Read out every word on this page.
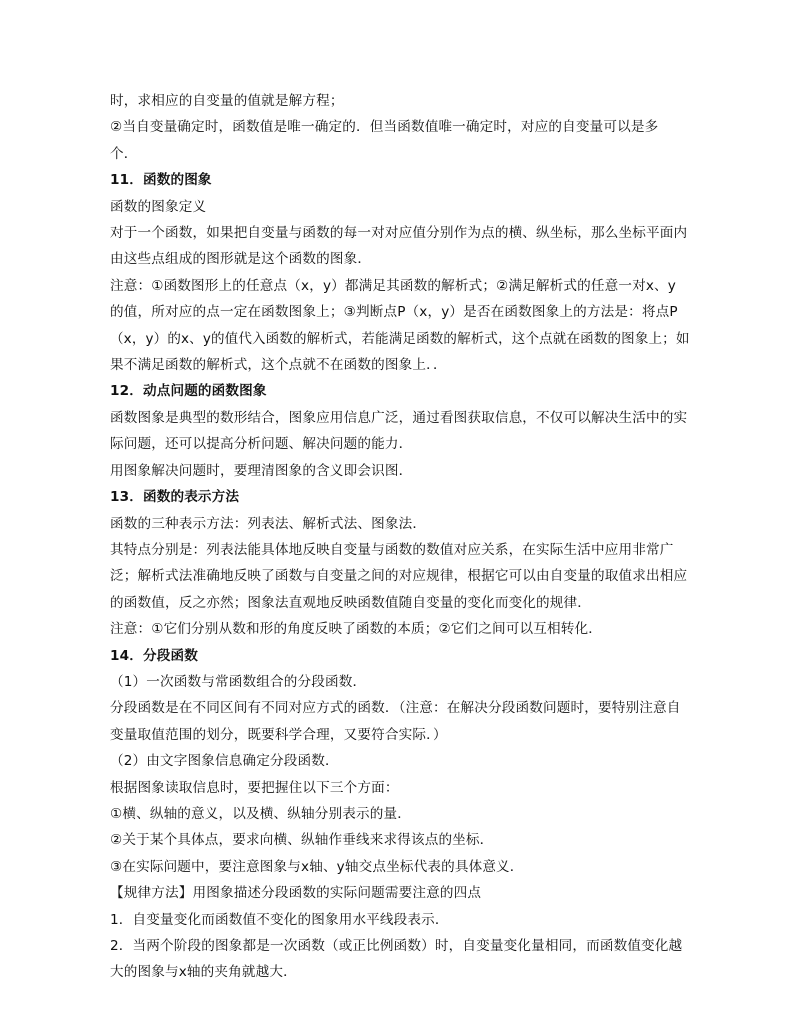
时，求相应的自变量的值就是解方程；
②当自变量确定时，函数值是唯一确定的．但当函数值唯一确定时，对应的自变量可以是多
个．
11．函数的图象
函数的图象定义
对于一个函数，如果把自变量与函数的每一对对应值分别作为点的横、纵坐标，那么坐标平面内
由这些点组成的图形就是这个函数的图象．
注意：①函数图形上的任意点（x，y）都满足其函数的解析式；②满足解析式的任意一对x、y
的值，所对应的点一定在函数图象上；③判断点P（x，y）是否在函数图象上的方法是：将点P
（x，y）的x、y的值代入函数的解析式，若能满足函数的解析式，这个点就在函数的图象上；如
果不满足函数的解析式，这个点就不在函数的图象上．．
12．动点问题的函数图象
函数图象是典型的数形结合，图象应用信息广泛，通过看图获取信息，不仅可以解决生活中的实
际问题，还可以提高分析问题、解决问题的能力．
用图象解决问题时，要理清图象的含义即会识图．
13．函数的表示方法
函数的三种表示方法：列表法、解析式法、图象法．
其特点分别是：列表法能具体地反映自变量与函数的数值对应关系，在实际生活中应用非常广
泛；解析式法准确地反映了函数与自变量之间的对应规律，根据它可以由自变量的取值求出相应
的函数值，反之亦然；图象法直观地反映函数值随自变量的变化而变化的规律．
注意：①它们分别从数和形的角度反映了函数的本质；②它们之间可以互相转化．
14．分段函数
（1）一次函数与常函数组合的分段函数．
分段函数是在不同区间有不同对应方式的函数．（注意：在解决分段函数问题时，要特别注意自
变量取值范围的划分，既要科学合理，又要符合实际．）
（2）由文字图象信息确定分段函数．
根据图象读取信息时，要把握住以下三个方面：
①横、纵轴的意义，以及横、纵轴分别表示的量．
②关于某个具体点，要求向横、纵轴作垂线来求得该点的坐标．
③在实际问题中，要注意图象与x轴、y轴交点坐标代表的具体意义．
【规律方法】用图象描述分段函数的实际问题需要注意的四点
1．自变量变化而函数值不变化的图象用水平线段表示．
2．当两个阶段的图象都是一次函数（或正比例函数）时，自变量变化量相同，而函数值变化越
大的图象与x轴的夹角就越大．
